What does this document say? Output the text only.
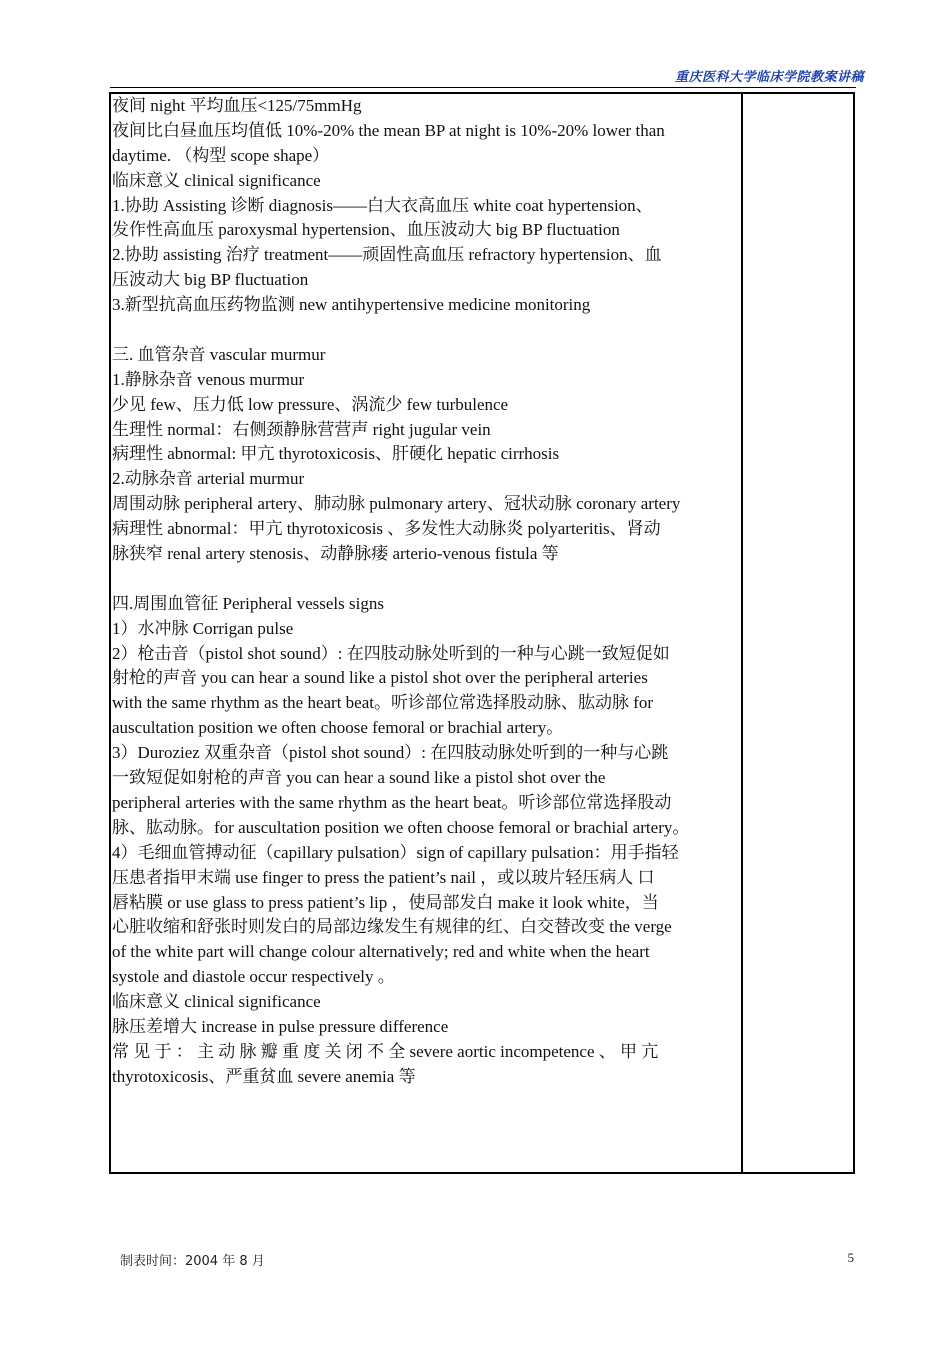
重庆医科大学临床学院教案讲稿
夜间 night 平均血压<125/75mmHg
夜间比白昼血压均值低 10%-20% the mean BP at night is 10%-20% lower than
daytime. （构型 scope shape）
临床意义 clinical significance
1.协助 Assisting 诊断 diagnosis——白大衣高血压 white coat hypertension、
发作性高血压 paroxysmal hypertension、血压波动大 big BP fluctuation
2.协助 assisting 治疗 treatment——顽固性高血压 refractory hypertension、血
压波动大 big BP fluctuation
3.新型抗高血压药物监测 new antihypertensive medicine monitoring
三. 血管杂音 vascular murmur
1.静脉杂音 venous murmur
少见 few、压力低 low pressure、涡流少 few turbulence
生理性 normal：右侧颈静脉营营声 right jugular vein
病理性 abnormal: 甲亢 thyrotoxicosis、肝硬化 hepatic cirrhosis
2.动脉杂音 arterial murmur
周围动脉 peripheral artery、肺动脉 pulmonary artery、冠状动脉 coronary artery
病理性 abnormal：甲亢 thyrotoxicosis 、多发性大动脉炎 polyarteritis、肾动
脉狭窄 renal artery stenosis、动静脉瘘 arterio-venous fistula 等
四.周围血管征 Peripheral vessels signs
1）水冲脉 Corrigan pulse
2）枪击音（pistol shot sound）: 在四肢动脉处听到的一种与心跳一致短促如
射枪的声音 you can hear a sound like a pistol shot over the peripheral arteries
with the same rhythm as the heart beat。听诊部位常选择股动脉、肱动脉 for
auscultation position we often choose femoral or brachial artery。
3）Duroziez 双重杂音（pistol shot sound）: 在四肢动脉处听到的一种与心跳
一致短促如射枪的声音 you can hear a sound like a pistol shot over the
peripheral arteries with the same rhythm as the heart beat。听诊部位常选择股动
脉、肱动脉。for auscultation position we often choose femoral or brachial artery。
4）毛细血管搏动征（capillary pulsation）sign of capillary pulsation：用手指轻
压患者指甲末端 use finger to press the patient’s nail ，或以玻片轻压病人 口
唇粘膜 or use glass to press patient’s lip ，使局部发白 make it look white，当
心脏收缩和舒张时则发白的局部边缘发生有规律的红、白交替改变 the verge
of the white part will change colour alternatively; red and white when the heart
systole and diastole occur respectively 。
临床意义 clinical significance
脉压差增大 increase in pulse pressure difference
常 见 于 ： 主 动 脉 瓣 重 度 关 闭 不 全 severe aortic incompetence 、 甲 亢
thyrotoxicosis、严重贫血 severe anemia 等
制表时间：2004 年 8 月	5
